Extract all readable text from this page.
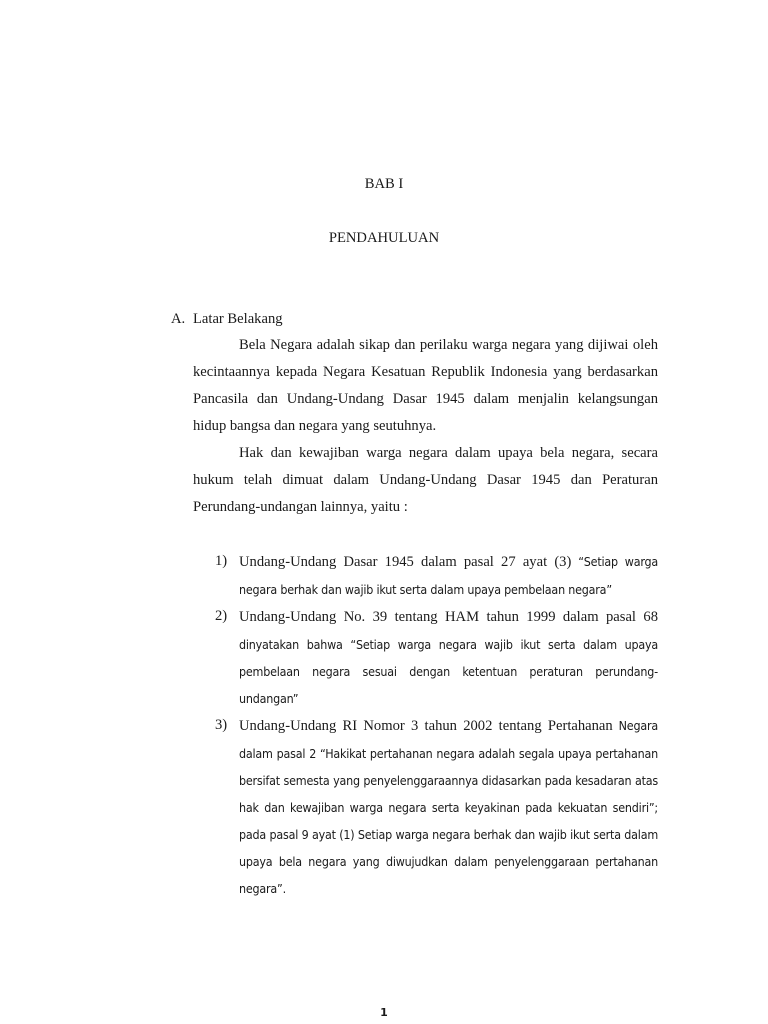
BAB I
PENDAHULUAN
A. Latar Belakang

Bela Negara adalah sikap dan perilaku warga negara yang dijiwai oleh kecintaannya kepada Negara Kesatuan Republik Indonesia yang berdasarkan Pancasila dan Undang-Undang Dasar 1945 dalam menjalin kelangsungan hidup bangsa dan negara yang seutuhnya.

Hak dan kewajiban warga negara dalam upaya bela negara, secara hukum telah dimuat dalam Undang-Undang Dasar 1945 dan Peraturan Perundang-undangan lainnya, yaitu :

1) Undang-Undang Dasar 1945 dalam pasal 27 ayat (3) “Setiap warga negara berhak dan wajib ikut serta dalam upaya pembelaan negara”
2) Undang-Undang No. 39 tentang HAM tahun 1999 dalam pasal 68 dinyatakan bahwa “Setiap warga negara wajib ikut serta dalam upaya pembelaan negara sesuai dengan ketentuan peraturan perundang-undangan”
3) Undang-Undang RI Nomor 3 tahun 2002 tentang Pertahanan Negara dalam pasal 2 “Hakikat pertahanan negara adalah segala upaya pertahanan bersifat semesta yang penyelenggaraannya didasarkan pada kesadaran atas hak dan kewajiban warga negara serta keyakinan pada kekuatan sendiri”; pada pasal 9 ayat (1) Setiap warga negara berhak dan wajib ikut serta dalam upaya bela negara yang diwujudkan dalam penyelenggaraan pertahanan negara”.
1
